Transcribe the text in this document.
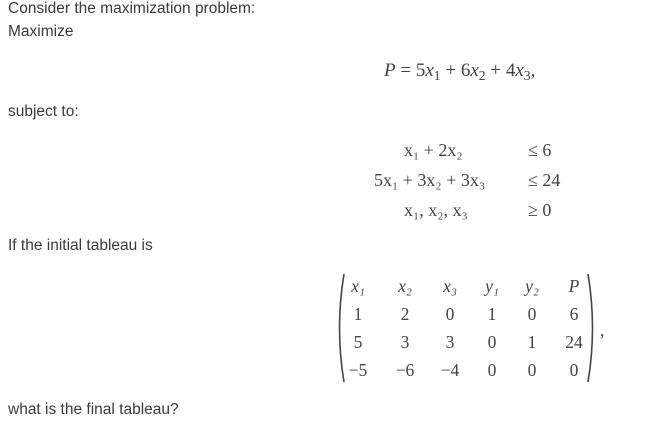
Consider the maximization problem:
Maximize
$P = 5x_1 + 6x_2 + 4x_3$,
subject to:
x₁ + 2x₂	≤ 6
5x₁ + 3x₂ + 3x₃ ≤ 24
x₁, x₂, x₃	≥ 0
If the initial tableau is
x₁	x₂	x₃	y₁	y₂	P
1	2	0	1	0	6
5	3	3	0	1	24
−5	−6	−4	0	0	0
,
what is the final tableau?
